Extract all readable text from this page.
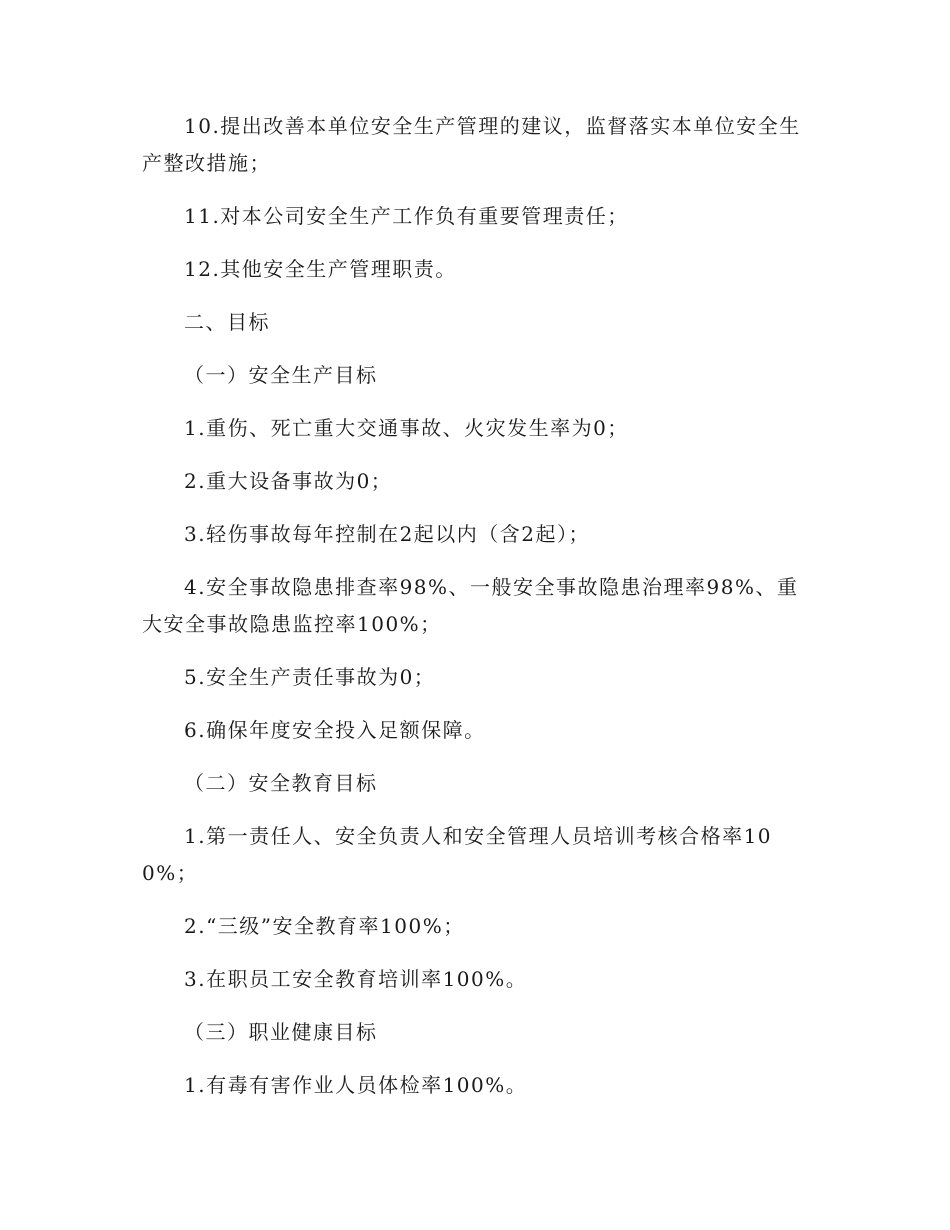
10.提出改善本单位安全生产管理的建议，监督落实本单位安全生产整改措施；

11.对本公司安全生产工作负有重要管理责任；

12.其他安全生产管理职责。

二、目标

（一）安全生产目标

1.重伤、死亡重大交通事故、火灾发生率为0；

2.重大设备事故为0；

3.轻伤事故每年控制在2起以内（含2起）；

4.安全事故隐患排查率98%、一般安全事故隐患治理率98%、重大安全事故隐患监控率100%；

5.安全生产责任事故为0；

6.确保年度安全投入足额保障。

（二）安全教育目标

1.第一责任人、安全负责人和安全管理人员培训考核合格率100%；

2.“三级”安全教育率100%；

3.在职员工安全教育培训率100%。

（三）职业健康目标

1.有毒有害作业人员体检率100%。
